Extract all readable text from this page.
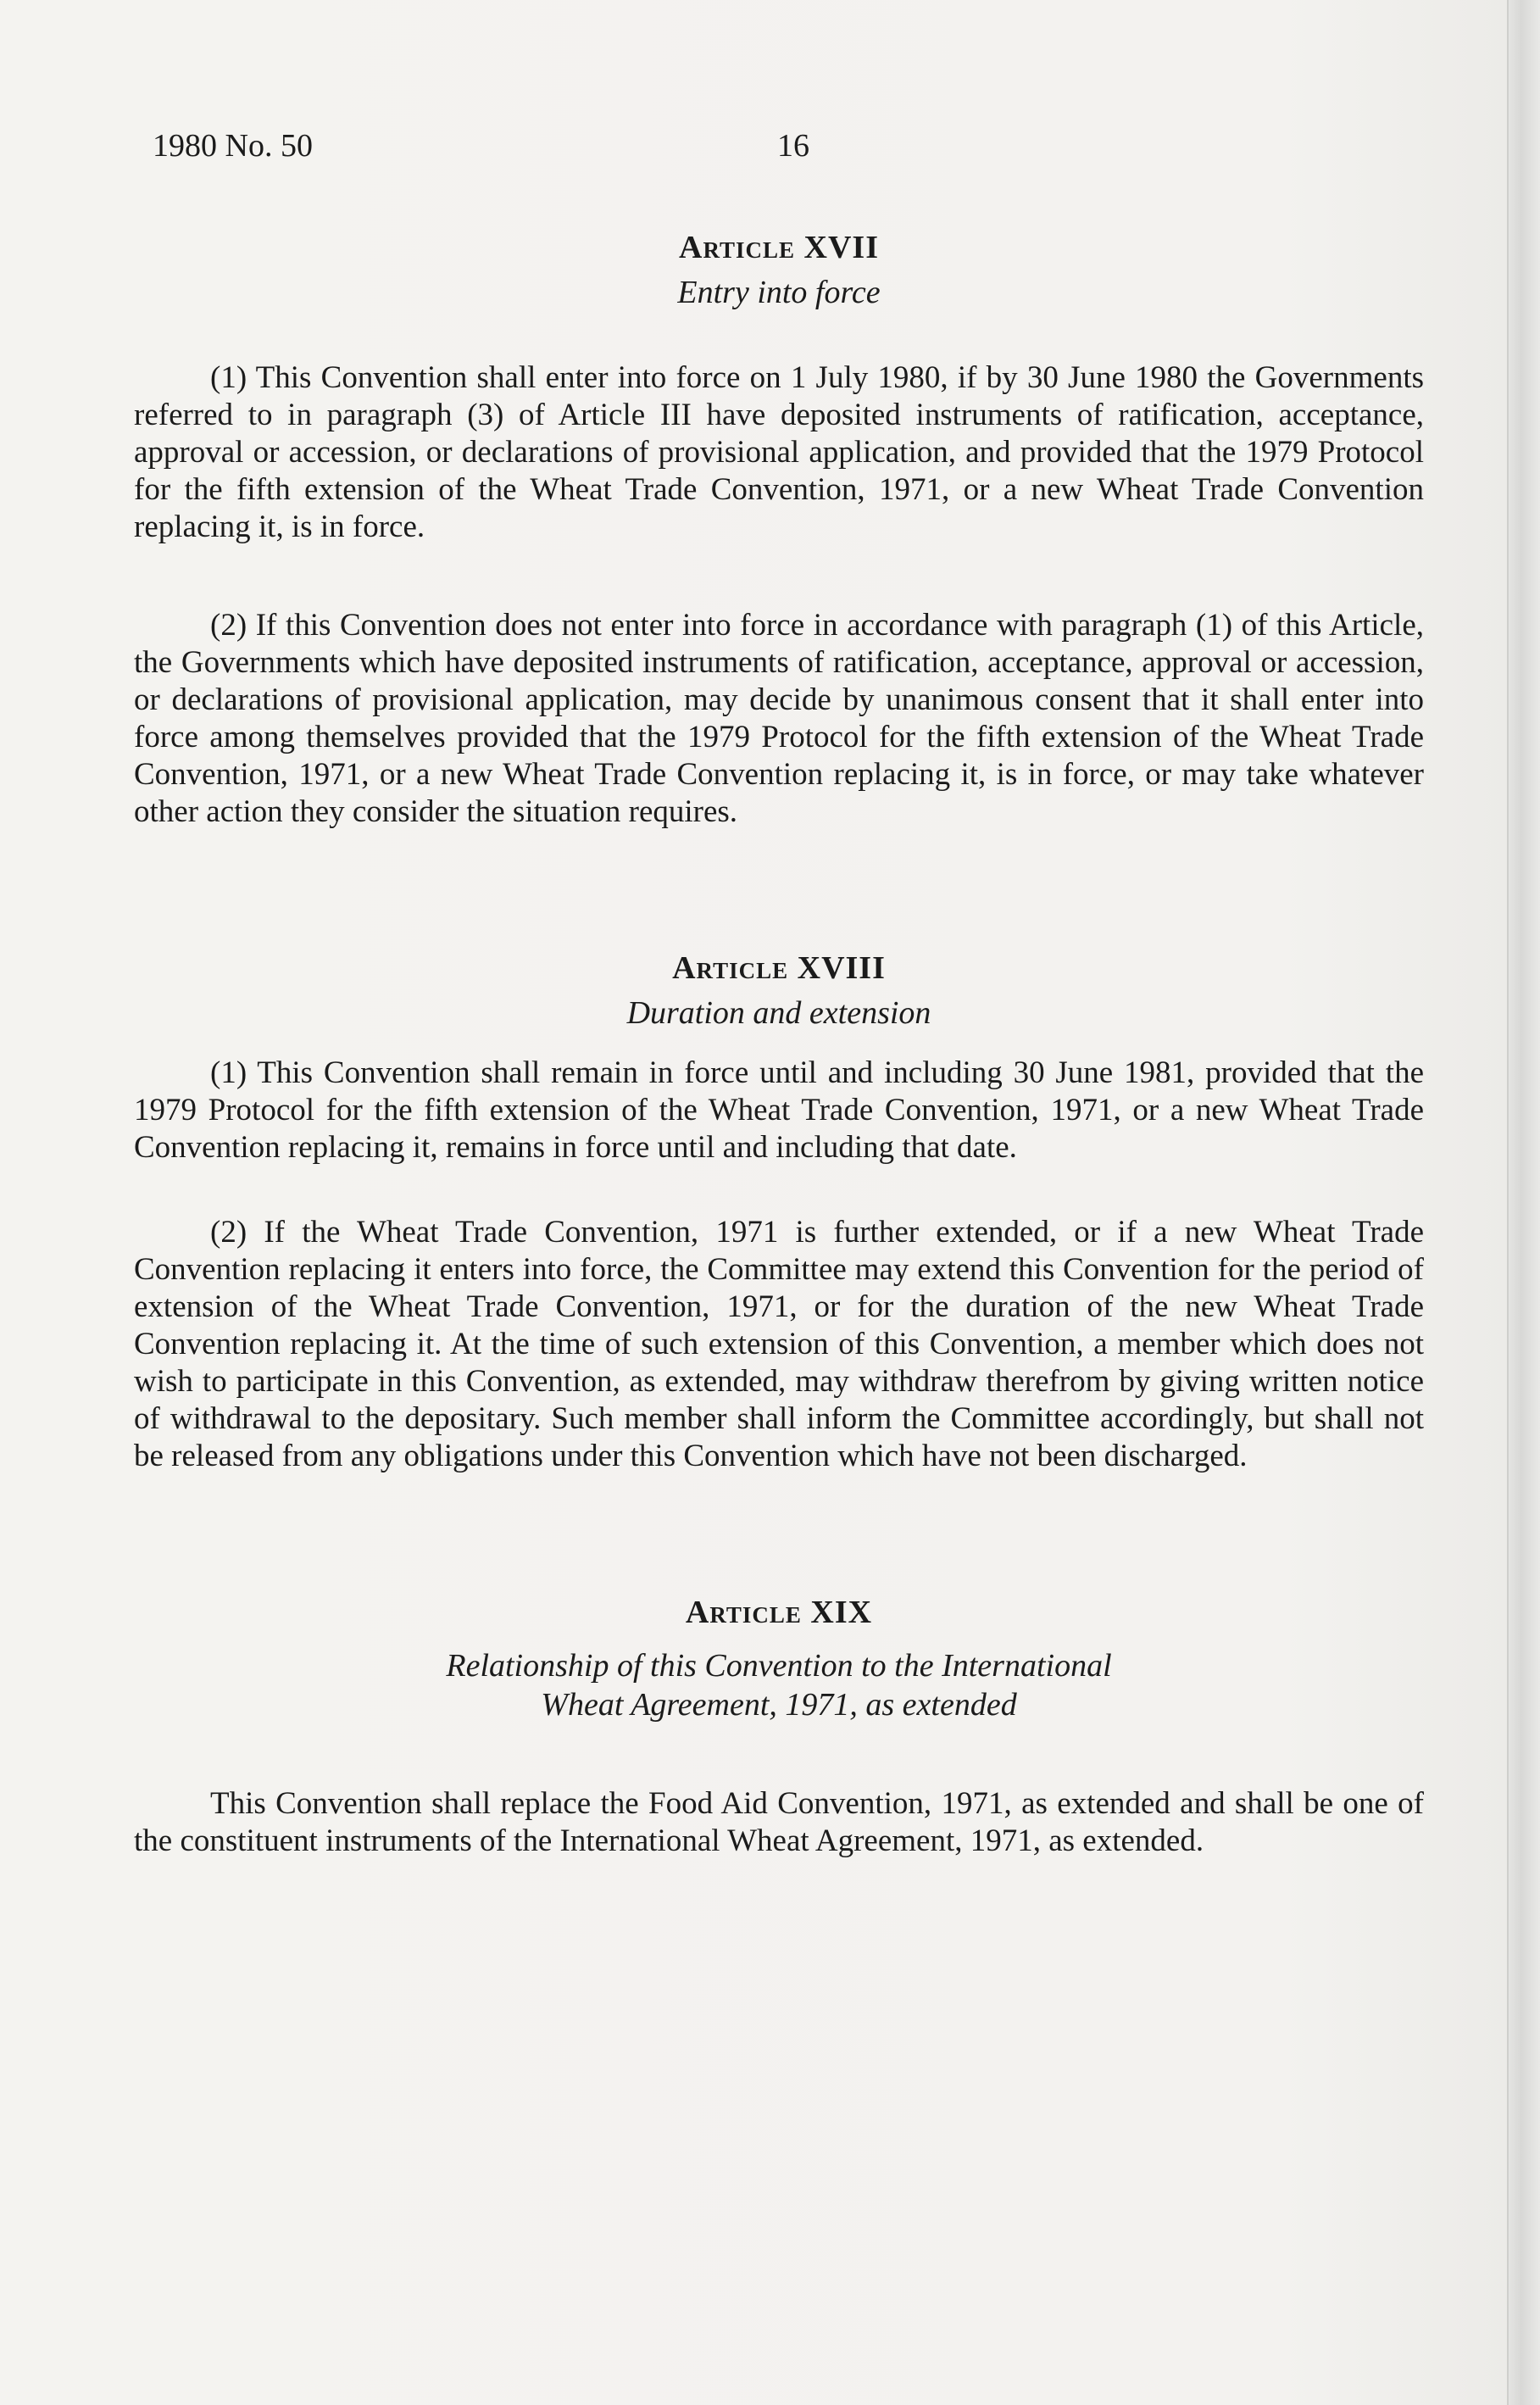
1980 No. 50	16
Article XVII
Entry into force

(1) This Convention shall enter into force on 1 July 1980, if by 30 June 1980 the Governments referred to in paragraph (3) of Article III have deposited instruments of ratification, acceptance, approval or accession, or declarations of provisional application, and provided that the 1979 Protocol for the fifth extension of the Wheat Trade Convention, 1971, or a new Wheat Trade Convention replacing it, is in force.

(2) If this Convention does not enter into force in accordance with paragraph (1) of this Article, the Governments which have deposited instruments of ratification, acceptance, approval or accession, or declarations of provisional application, may decide by unanimous consent that it shall enter into force among themselves provided that the 1979 Protocol for the fifth extension of the Wheat Trade Convention, 1971, or a new Wheat Trade Convention replacing it, is in force, or may take whatever other action they consider the situation requires.

Article XVIII
Duration and extension

(1) This Convention shall remain in force until and including 30 June 1981, provided that the 1979 Protocol for the fifth extension of the Wheat Trade Convention, 1971, or a new Wheat Trade Convention replacing it, remains in force until and including that date.

(2) If the Wheat Trade Convention, 1971 is further extended, or if a new Wheat Trade Convention replacing it enters into force, the Committee may extend this Convention for the period of extension of the Wheat Trade Convention, 1971, or for the duration of the new Wheat Trade Convention replacing it. At the time of such extension of this Convention, a member which does not wish to participate in this Convention, as extended, may withdraw therefrom by giving written notice of withdrawal to the depositary. Such member shall inform the Committee accordingly, but shall not be released from any obligations under this Convention which have not been discharged.

Article XIX
Relationship of this Convention to the International
Wheat Agreement, 1971, as extended

This Convention shall replace the Food Aid Convention, 1971, as extended and shall be one of the constituent instruments of the International Wheat Agreement, 1971, as extended.
